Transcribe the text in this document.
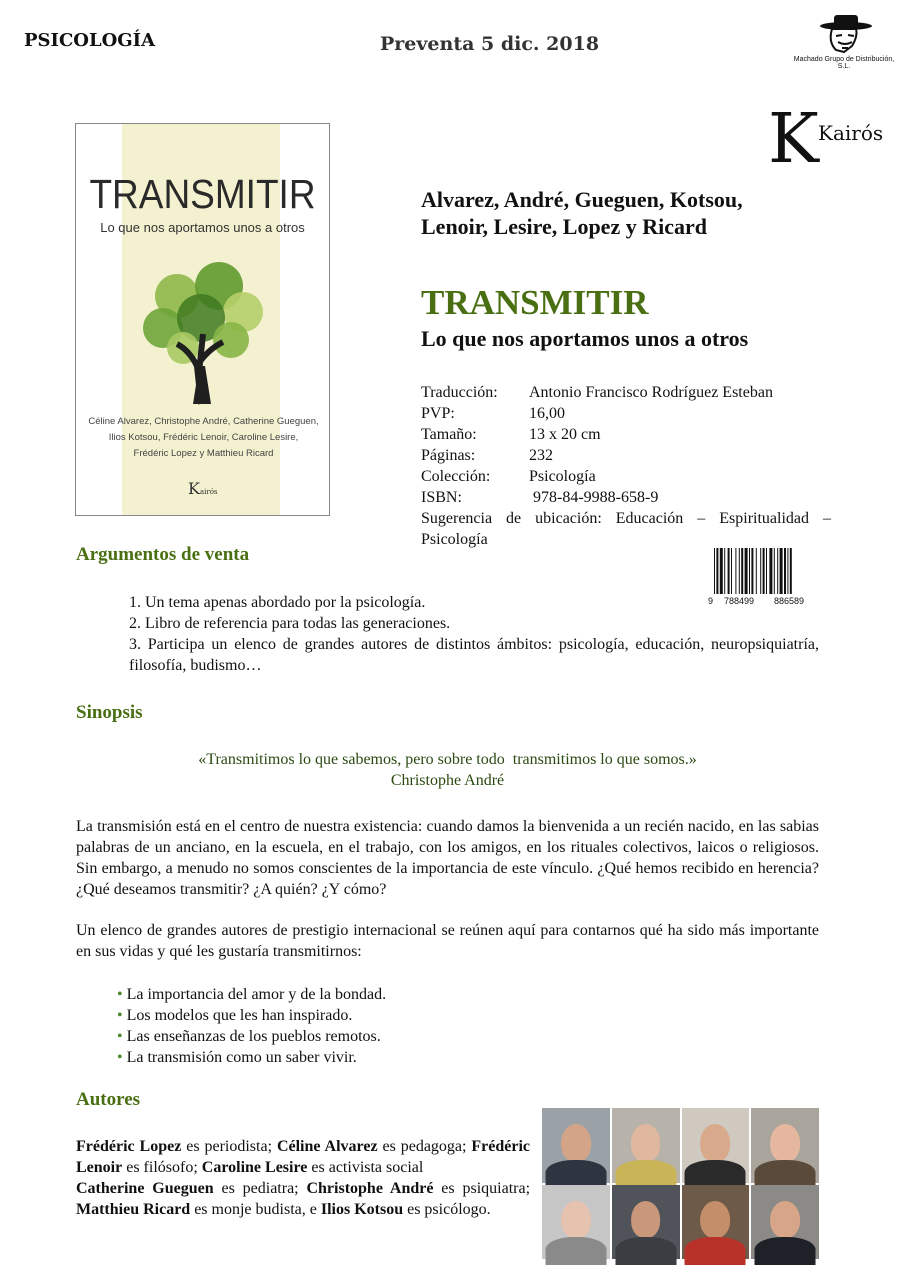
PSICOLOGÍA	Preventa 5 dic. 2018
Machado Grupo de Distribución, S.L.
K Kairós
TRANSMITIR
Lo que nos aportamos unos a otros
Céline Alvarez, Christophe André, Catherine Gueguen,
Ilios Kotsou, Frédéric Lenoir, Caroline Lesire,
Frédéric Lopez y Matthieu Ricard
Kairós
Alvarez, André, Gueguen, Kotsou,
Lenoir, Lesire, Lopez y Ricard
TRANSMITIR
Lo que nos aportamos unos a otros
Traducción:	Antonio Francisco Rodríguez Esteban
PVP:	16,00
Tamaño:	13 x 20 cm
Páginas:	232
Colección:	Psicología
ISBN:	978-84-9988-658-9
Sugerencia de ubicación: Educación – Espiritualidad – Psicología
9 788499 886589
Argumentos de venta
1. Un tema apenas abordado por la psicología.
2. Libro de referencia para todas las generaciones.
3. Participa un elenco de grandes autores de distintos ámbitos: psicología, educación, neuropsiquiatría, filosofía, budismo…
Sinopsis
«Transmitimos lo que sabemos, pero sobre todo  transmitimos lo que somos.»
Christophe André
La transmisión está en el centro de nuestra existencia: cuando damos la bienvenida a un recién nacido, en las sabias palabras de un anciano, en la escuela, en el trabajo, con los amigos, en los rituales colectivos, laicos o religiosos. Sin embargo, a menudo no somos conscientes de la importancia de este vínculo. ¿Qué hemos recibido en herencia? ¿Qué deseamos transmitir? ¿A quién? ¿Y cómo?
Un elenco de grandes autores de prestigio internacional se reúnen aquí para contarnos qué ha sido más importante en sus vidas y qué les gustaría transmitirnos:
• La importancia del amor y de la bondad.
• Los modelos que les han inspirado.
• Las enseñanzas de los pueblos remotos.
• La transmisión como un saber vivir.
Autores
Frédéric Lopez es periodista; Céline Alvarez es pedagoga; Frédéric Lenoir es filósofo; Caroline Lesire es activista social
Catherine Gueguen es pediatra; Christophe André es psiquiatra; Matthieu Ricard es monje budista, e Ilios Kotsou es psicólogo.
